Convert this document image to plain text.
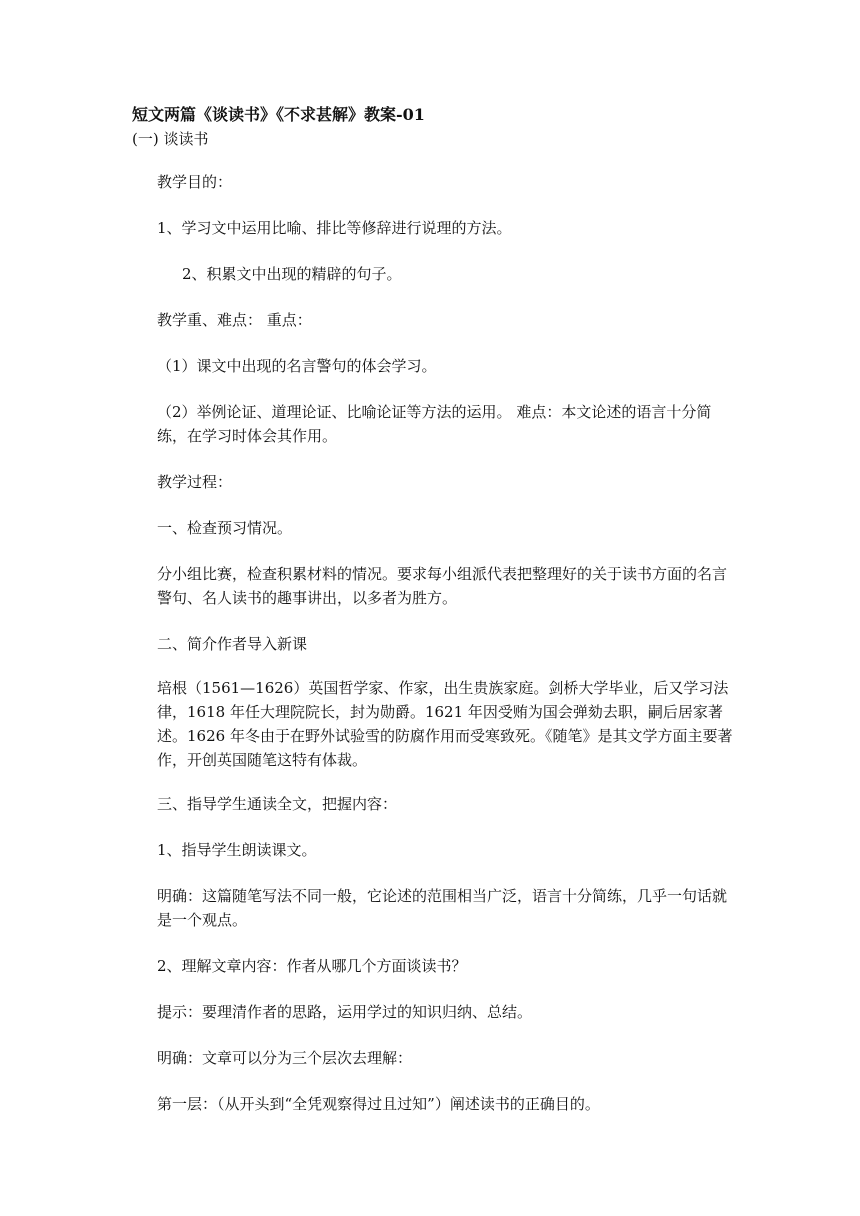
短文两篇《谈读书》《不求甚解》教案-01
(一) 谈读书

教学目的：

1、学习文中运用比喻、排比等修辞进行说理的方法。

2、积累文中出现的精辟的句子。

教学重、难点： 重点：

（1）课文中出现的名言警句的体会学习。

（2）举例论证、道理论证、比喻论证等方法的运用。 难点：本文论述的语言十分简练，在学习时体会其作用。

教学过程：

一、检查预习情况。

分小组比赛，检查积累材料的情况。要求每小组派代表把整理好的关于读书方面的名言警句、名人读书的趣事讲出，以多者为胜方。

二、简介作者导入新课

培根（1561—1626）英国哲学家、作家，出生贵族家庭。剑桥大学毕业，后又学习法律，1618 年任大理院院长，封为勋爵。1621 年因受贿为国会弹劾去职，嗣后居家著述。1626 年冬由于在野外试验雪的防腐作用而受寒致死。《随笔》是其文学方面主要著作，开创英国随笔这特有体裁。

三、指导学生通读全文，把握内容：

1、指导学生朗读课文。

明确：这篇随笔写法不同一般，它论述的范围相当广泛，语言十分简练，几乎一句话就是一个观点。

2、理解文章内容：作者从哪几个方面谈读书？

提示：要理清作者的思路，运用学过的知识归纳、总结。

明确：文章可以分为三个层次去理解：

第一层：（从开头到“全凭观察得过且过知”）阐述读书的正确目的。
